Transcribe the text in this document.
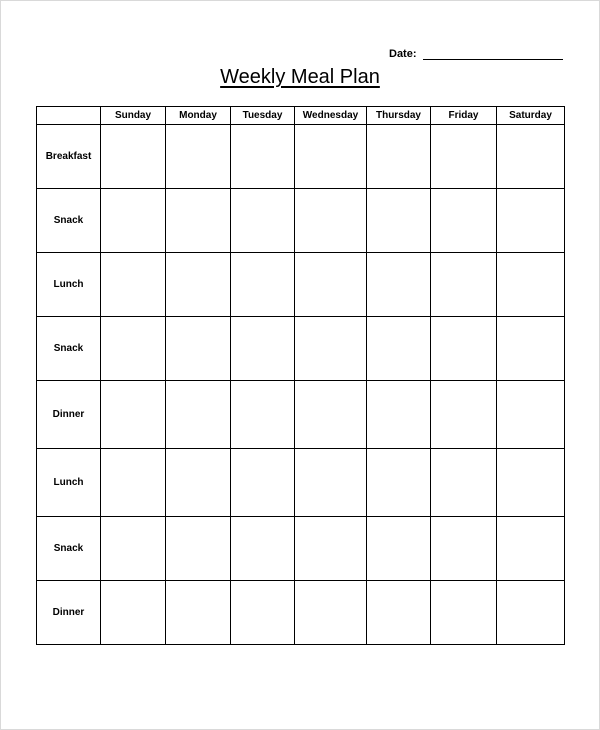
Date:
Weekly Meal Plan
	Sunday	Monday	Tuesday	Wednesday	Thursday	Friday	Saturday
Breakfast							
Snack							
Lunch							
Snack							
Dinner							
Lunch							
Snack							
Dinner							
